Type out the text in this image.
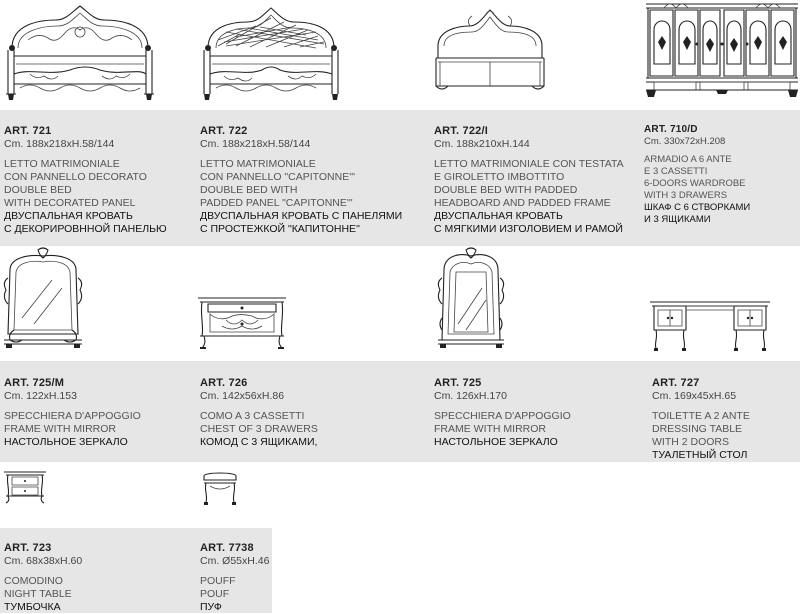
ART. 721
Cm. 188x218xH.58/144
LETTO MATRIMONIALE
CON PANNELLO DECORATO
DOUBLE BED
WITH DECORATED PANEL
ДВУСПАЛЬНАЯ КРОВАТЬ
С ДЕКОРИРОВННОЙ ПАНЕЛЬЮ
ART. 722
Cm. 188x218xH.58/144
LETTO MATRIMONIALE
CON PANNELLO "CAPITONNE'"
DOUBLE BED WITH
PADDED PANEL "CAPITONNE'"
ДВУСПАЛЬНАЯ КРОВАТЬ С ПАНЕЛЯМИ
С ПРОСТЕЖКОЙ "КАПИТОННЕ"
ART. 722/I
Cm. 188x210xH.144
LETTO MATRIMONIALE CON TESTATA
E GIROLETTO IMBOTTITO
DOUBLE BED WITH PADDED
HEADBOARD AND PADDED FRAME
ДВУСПАЛЬНАЯ КРОВАТЬ
С МЯГКИМИ ИЗГОЛОВИЕМ И РАМОЙ
ART. 710/D
Cm. 330x72xH.208
ARMADIO A 6 ANTE
E 3 CASSETTI
6-DOORS WARDROBE
WITH 3 DRAWERS
ШКАФ С 6 СТВОРКАМИ
И 3 ЯЩИКАМИ
ART. 725/M
Cm. 122xH.153
SPECCHIERA D'APPOGGIO
FRAME WITH MIRROR
НАСТОЛЬНОЕ ЗЕРКАЛО
ART. 726
Cm. 142x56xH.86
COMO A 3 CASSETTI
CHEST OF 3 DRAWERS
КОМОД С 3 ЯЩИКАМИ,
ART. 725
Cm. 126xH.170
SPECCHIERA D'APPOGGIO
FRAME WITH MIRROR
НАСТОЛЬНОЕ ЗЕРКАЛО
ART. 727
Cm. 169x45xH.65
TOILETTE A 2 ANTE
DRESSING TABLE
WITH 2 DOORS
ТУАЛЕТНЫЙ СТОЛ
ART. 723
Cm. 68x38xH.60
COMODINO
NIGHT TABLE
ТУМБОЧКА
ART. 7738
Cm. Ø55xH.46
POUFF
POUF
ПУФ
